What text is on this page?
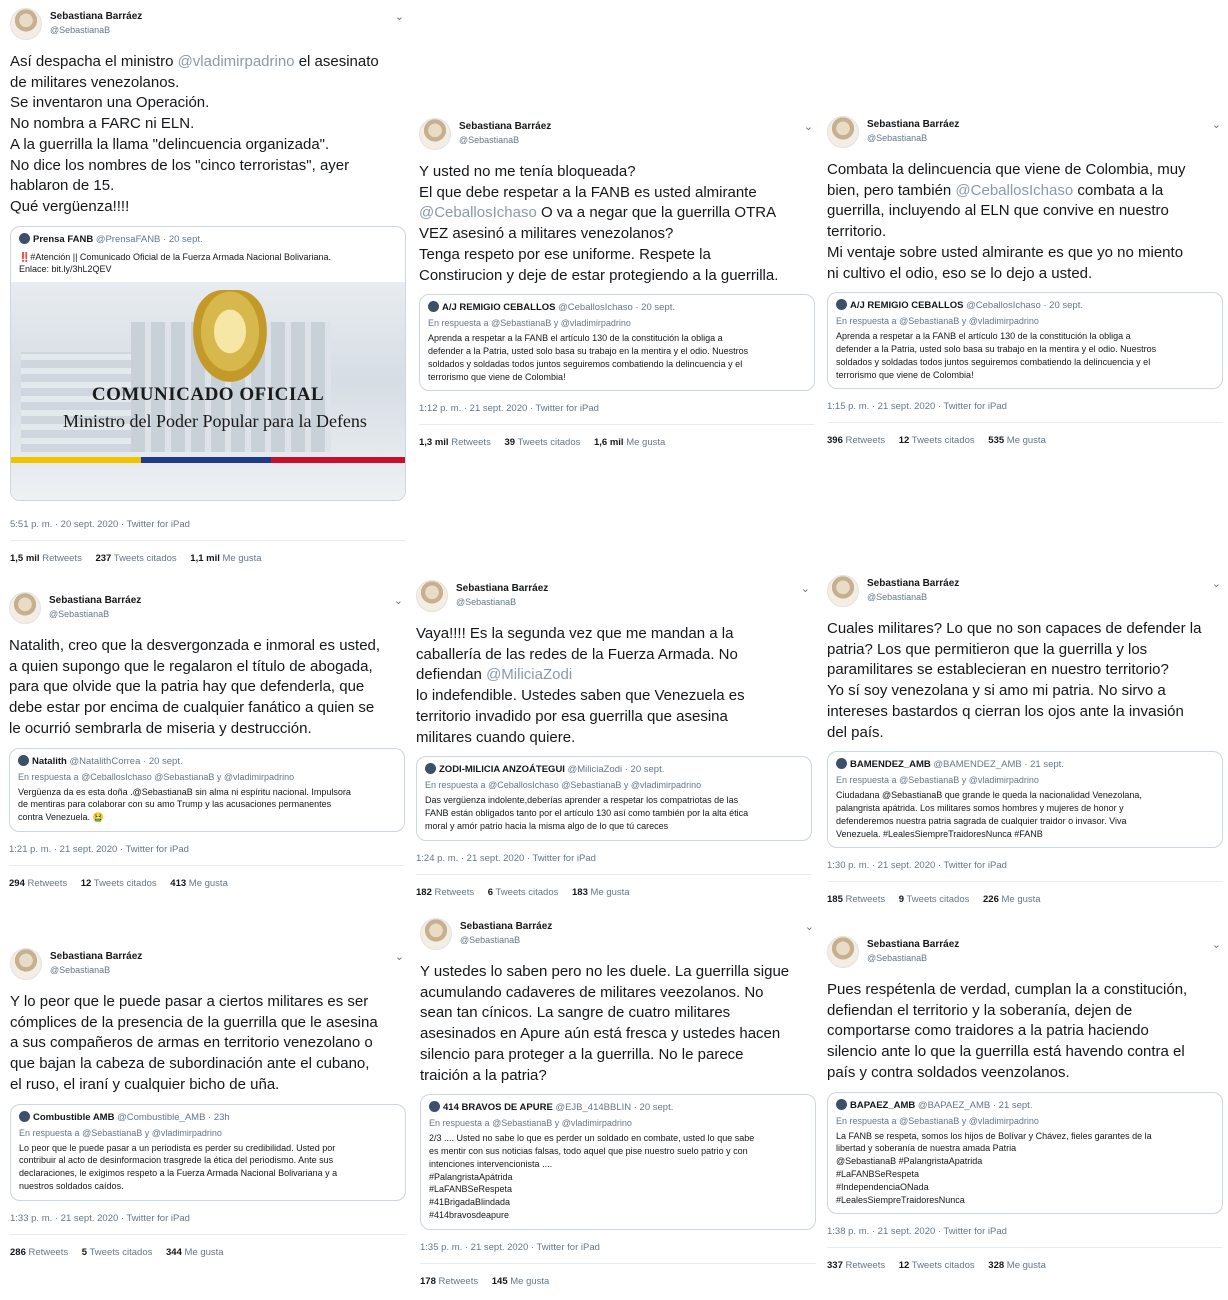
Sebastiana Barráez
@SebastianaB
⌄
Así despacha el ministro @vladimirpadrino el asesinato
de militares venezolanos.
Se inventaron una Operación.
No nombra a FARC ni ELN.
A la guerrilla la llama "delincuencia organizada".
No dice los nombres de los "cinco terroristas", ayer
hablaron de 15.
Qué vergüenza!!!!
Prensa FANB @PrensaFANB · 20 sept.
‼️#Atención || Comunicado Oficial de la Fuerza Armada Nacional Bolivariana.
Enlace: bit.ly/3hL2QEV
COMUNICADO OFICIAL
Ministro del Poder Popular para la Defens
5:51 p. m. · 20 sept. 2020 · Twitter for iPad
1,5 mil Retweets 237 Tweets citados 1,1 mil Me gusta
Sebastiana Barráez
@SebastianaB
⌄
Y usted no me tenía bloqueada?
El que debe respetar a la FANB es usted almirante
@CeballosIchaso O va a negar que la guerrilla OTRA
VEZ asesinó a militares venezolanos?
Tenga respeto por ese uniforme. Respete la
Constirucion y deje de estar protegiendo a la guerrilla.
A/J REMIGIO CEBALLOS @CeballosIchaso · 20 sept.
En respuesta a @SebastianaB y @vladimirpadrino
Aprenda a respetar a la FANB el artículo 130 de la constitución la obliga a
defender a la Patria, usted solo basa su trabajo en la mentira y el odio. Nuestros
soldados y soldadas todos juntos seguiremos combatiendo la delincuencia y el
terrorismo que viene de Colombia!
1:12 p. m. · 21 sept. 2020 · Twitter for iPad
1,3 mil Retweets 39 Tweets citados 1,6 mil Me gusta
Sebastiana Barráez
@SebastianaB
⌄
Combata la delincuencia que viene de Colombia, muy
bien, pero también @CeballosIchaso combata a la
guerrilla, incluyendo al ELN que convive en nuestro
territorio.
Mi ventaje sobre usted almirante es que yo no miento
ni cultivo el odio, eso se lo dejo a usted.
A/J REMIGIO CEBALLOS @CeballosIchaso · 20 sept.
En respuesta a @SebastianaB y @vladimirpadrino
Aprenda a respetar a la FANB el artículo 130 de la constitución la obliga a
defender a la Patria, usted solo basa su trabajo en la mentira y el odio. Nuestros
soldados y soldadas todos juntos seguiremos combatiendo la delincuencia y el
terrorismo que viene de Colombia!
1:15 p. m. · 21 sept. 2020 · Twitter for iPad
396 Retweets 12 Tweets citados 535 Me gusta
Sebastiana Barráez
@SebastianaB
⌄
Natalith, creo que la desvergonzada e inmoral es usted,
a quien supongo que le regalaron el título de abogada,
para que olvide que la patria hay que defenderla, que
debe estar por encima de cualquier fanático a quien se
le ocurrió sembrarla de miseria y destrucción.
Natalith @NatalithCorrea · 20 sept.
En respuesta a @CeballosIchaso @SebastianaB y @vladimirpadrino
Vergüenza da es esta doña .@SebastianaB sin alma ni espíritu nacional. Impulsora
de mentiras para colaborar con su amo Trump y las acusaciones permanentes
contra Venezuela. 🤮
1:21 p. m. · 21 sept. 2020 · Twitter for iPad
294 Retweets 12 Tweets citados 413 Me gusta
Sebastiana Barráez
@SebastianaB
⌄
Vaya!!!! Es la segunda vez que me mandan a la
caballería de las redes de la Fuerza Armada. No
defiendan @MiliciaZodi
lo indefendible. Ustedes saben que Venezuela es
territorio invadido por esa guerrilla que asesina
militares cuando quiere.
ZODI-MILICIA ANZOÁTEGUI @MiliciaZodi · 20 sept.
En respuesta a @CeballosIchaso @SebastianaB y @vladimirpadrino
Das vergüenza indolente,deberías aprender a respetar los compatriotas de las
FANB están obligados tanto por el artículo 130 así como también por la alta ética
moral y amór patrio hacia la misma algo de lo que tú careces
1:24 p. m. · 21 sept. 2020 · Twitter for iPad
182 Retweets 6 Tweets citados 183 Me gusta
Sebastiana Barráez
@SebastianaB
⌄
Cuales militares? Lo que no son capaces de defender la
patria? Los que permitieron que la guerrilla y los
paramilitares se establecieran en nuestro territorio?
Yo sí soy venezolana y si amo mi patria. No sirvo a
intereses bastardos q cierran los ojos ante la invasión
del país.
BAMENDEZ_AMB @BAMENDEZ_AMB · 21 sept.
En respuesta a @SebastianaB y @vladimirpadrino
Ciudadana @SebastianaB que grande le queda la nacionalidad Venezolana,
palangrista apátrida. Los militares somos hombres y mujeres de honor y
defenderemos nuestra patria sagrada de cualquier traidor o invasor. Viva
Venezuela. #LealesSiempreTraidoresNunca #FANB
1:30 p. m. · 21 sept. 2020 · Twitter for iPad
185 Retweets 9 Tweets citados 226 Me gusta
Sebastiana Barráez
@SebastianaB
⌄
Y lo peor que le puede pasar a ciertos militares es ser
cómplices de la presencia de la guerrilla que le asesina
a sus compañeros de armas en territorio venezolano o
que bajan la cabeza de subordinación ante el cubano,
el ruso, el iraní y cualquier bicho de uña.
Combustible AMB @Combustible_AMB · 23h
En respuesta a @SebastianaB y @vladimirpadrino
Lo peor que le puede pasar a un periodista es perder su credibilidad. Usted por
contribuir al acto de desinformacion trasgrede la ética del periodismo. Ante sus
declaraciones, le exigimos respeto a la Fuerza Armada Nacional Bolivariana y a
nuestros soldados caídos.
1:33 p. m. · 21 sept. 2020 · Twitter for iPad
286 Retweets 5 Tweets citados 344 Me gusta
Sebastiana Barráez
@SebastianaB
⌄
Y ustedes lo saben pero no les duele. La guerrilla sigue
acumulando cadaveres de militares veezolanos. No
sean tan cínicos. La sangre de cuatro militares
asesinados en Apure aún está fresca y ustedes hacen
silencio para proteger a la guerrilla. No le parece
traición a la patria?
414 BRAVOS DE APURE @EJB_414BBLIN · 20 sept.
En respuesta a @SebastianaB y @vladimirpadrino
2/3 .... Usted no sabe lo que es perder un soldado en combate, usted lo que sabe
es mentir con sus noticias falsas, todo aquel que pise nuestro suelo patrio y con
intenciones intervencionista ....
#PalangristaApátrida
#LaFANBSeRespeta
#41BrigadaBlindada
#414bravosdeapure
1:35 p. m. · 21 sept. 2020 · Twitter for iPad
178 Retweets 145 Me gusta
Sebastiana Barráez
@SebastianaB
⌄
Pues respétenla de verdad, cumplan la a constitución,
defiendan el territorio y la soberanía, dejen de
comportarse como traidores a la patria haciendo
silencio ante lo que la guerrilla está havendo contra el
país y contra soldados veenzolanos.
BAPAEZ_AMB @BAPAEZ_AMB · 21 sept.
En respuesta a @SebastianaB y @vladimirpadrino
La FANB se respeta, somos los hijos de Bolívar y Chávez, fieles garantes de la
libertad y soberanía de nuestra amada Patria
@SebastianaB #PalangristaApatrida
#LaFANBSeRespeta
#IndependenciaONada
#LealesSiempreTraidoresNunca
1:38 p. m. · 21 sept. 2020 · Twitter for iPad
337 Retweets 12 Tweets citados 328 Me gusta
